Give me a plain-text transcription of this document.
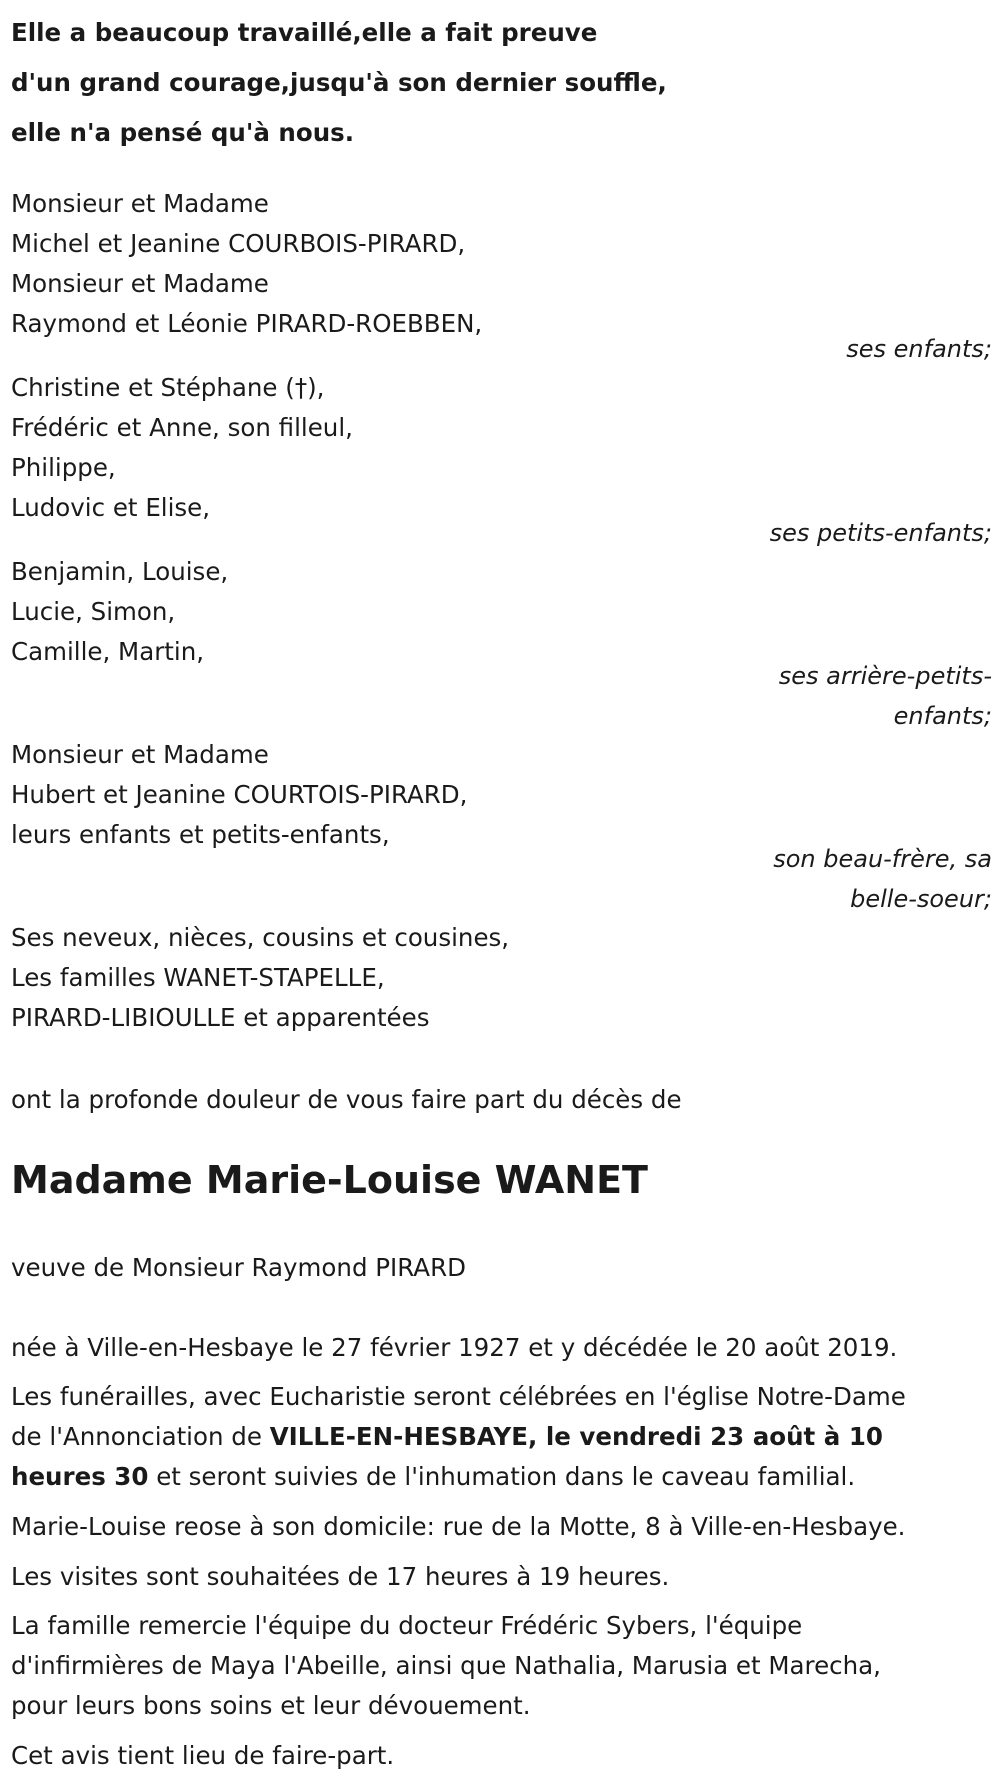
Elle a beaucoup travaillé,elle a fait preuve
d'un grand courage,jusqu'à son dernier souffle,
elle n'a pensé qu'à nous.
Monsieur et Madame
Michel et Jeanine COURBOIS-PIRARD,
Monsieur et Madame
Raymond et Léonie PIRARD-ROEBBEN,
ses enfants;
Christine et Stéphane (†),
Frédéric et Anne, son filleul,
Philippe,
Ludovic et Elise,
ses petits-enfants;
Benjamin, Louise,
Lucie, Simon,
Camille, Martin,
ses arrière-petits-
enfants;
Monsieur et Madame
Hubert et Jeanine COURTOIS-PIRARD,
leurs enfants et petits-enfants,
son beau-frère, sa
belle-soeur;
Ses neveux, nièces, cousins et cousines,
Les familles WANET-STAPELLE,
PIRARD-LIBIOULLE et apparentées
ont la profonde douleur de vous faire part du décès de
Madame Marie-Louise WANET
veuve de Monsieur Raymond PIRARD
née à Ville-en-Hesbaye le 27 février 1927 et y décédée le 20 août 2019.
Les funérailles, avec Eucharistie seront célébrées en l'église Notre-Dame
de l'Annonciation de VILLE-EN-HESBAYE, le vendredi 23 août à 10
heures 30 et seront suivies de l'inhumation dans le caveau familial.
Marie-Louise reose à son domicile: rue de la Motte, 8 à Ville-en-Hesbaye.
Les visites sont souhaitées de 17 heures à 19 heures.
La famille remercie l'équipe du docteur Frédéric Sybers, l'équipe
d'infirmières de Maya l'Abeille, ainsi que Nathalia, Marusia et Marecha,
pour leurs bons soins et leur dévouement.
Cet avis tient lieu de faire-part.
